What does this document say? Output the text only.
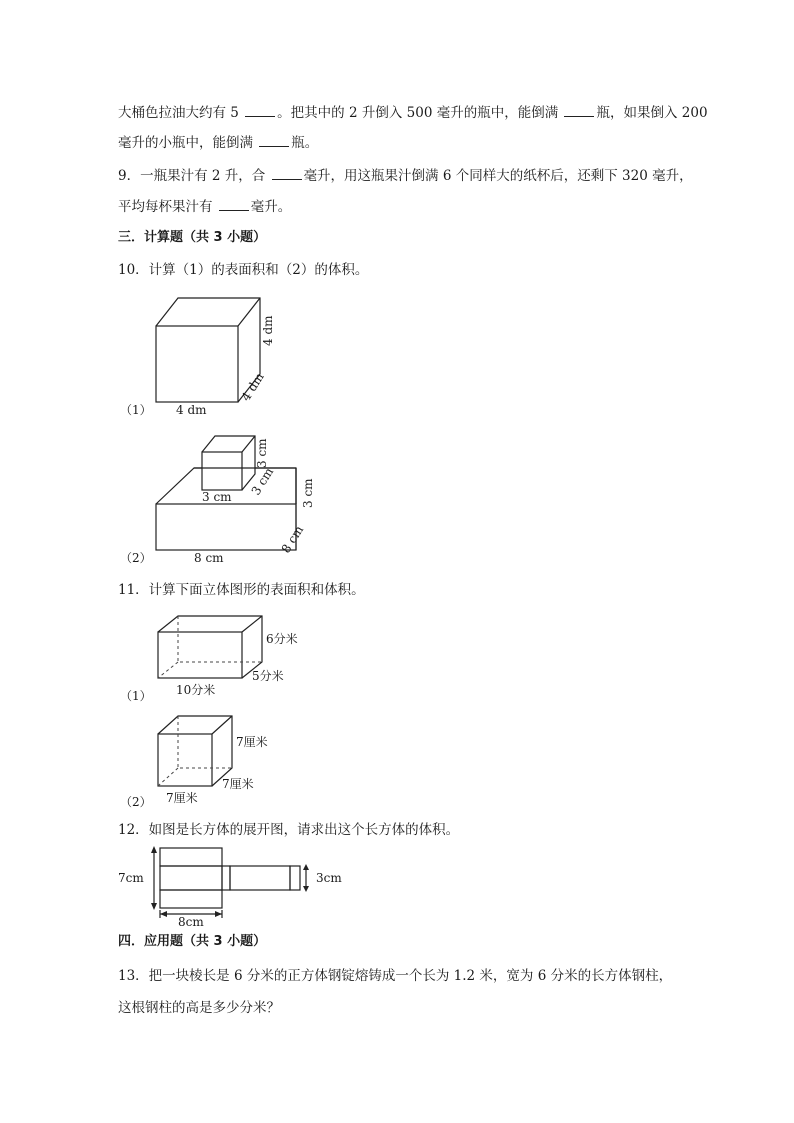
大桶色拉油大约有 5	。把其中的 2 升倒入 500 毫升的瓶中，能倒满	瓶，如果倒入 200
毫升的小瓶中，能倒满	瓶。
9．一瓶果汁有 2 升，合	毫升，用这瓶果汁倒满 6 个同样大的纸杯后，还剩下 320 毫升，
平均每杯果汁有	毫升。
三．计算题（共 3 小题）
10．计算（1）的表面积和（2）的体积。
（1） 4 dm
4 dm
4 dm
（2）	8 cm
3 cm
3 cm
3 cm 3 cm
8 cm
11．计算下面立体图形的表面积和体积。
（1） 10分米
5分米
6分米
（2） 7厘米
7厘米
7厘米
12．如图是长方体的展开图，请求出这个长方体的体积。
7cm	3cm
8cm
四．应用题（共 3 小题）
13．把一块棱长是 6 分米的正方体钢锭熔铸成一个长为 1.2 米，宽为 6 分米的长方体钢柱，
这根钢柱的高是多少分米？
